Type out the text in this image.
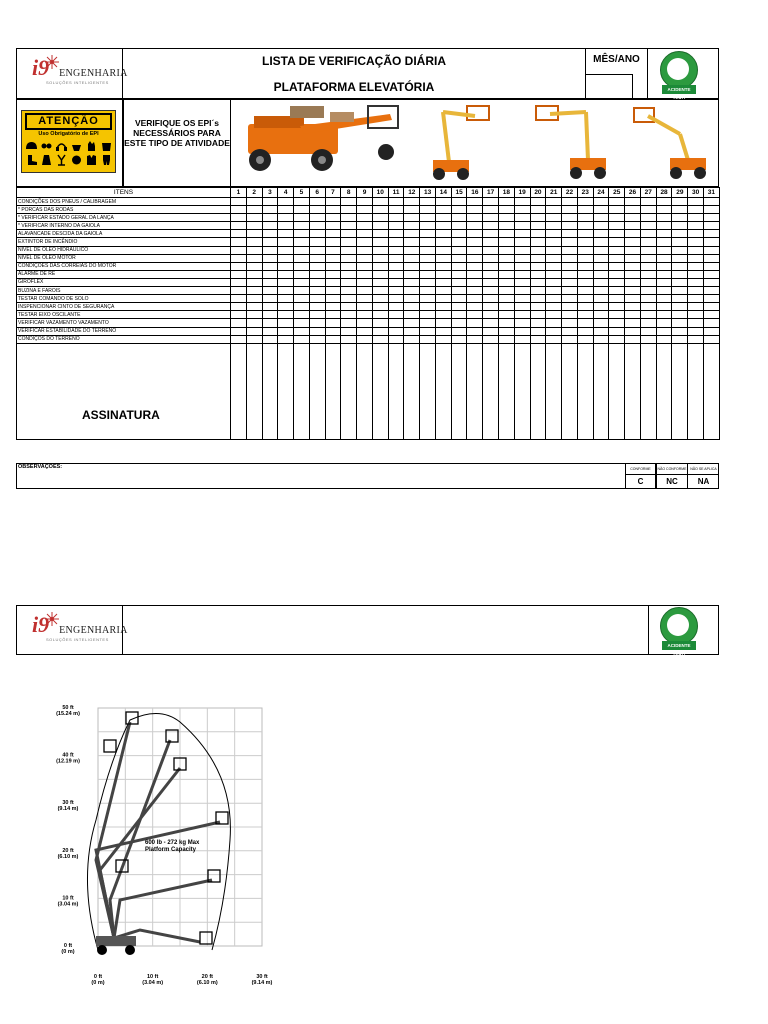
i9 ENGENHARIA
SOLUÇÕES INTELIGENTES
MÊS/ANO
LISTA DE VERIFICAÇÃO DIÁRIA
PLATAFORMA ELEVATÓRIA	ACIDENTE ZERO
ATENÇÃO
Uso Obrigatório de EPI
VERIFIQUE OS EPI´s NECESSÁRIOS PARA ESTE TIPO DE ATIVIDADE
ITENS	1	2	3	4	5	6	7	8	9	10	11	12	13	14	15	16	17	18	19	20	21	22	23	24	25	26	27	28	29	30	31
CONDIÇÕES DOS PNEUS / CALIBRAGEM																															
* PORCAS DAS RODAS																															
* VERIFICAR ESTADO GERAL DA LANÇA																															
* VERIFICAR INTERNO DA GAIOLA																															
ALAVANCADE DESCIDA DA GAIOLA																															
EXTINTOR DE INCÊNDIO																															
NÍVEL DE ÓLEO HIDRÁULICO																															
NÍVEL DE ÓLEO MOTOR																															
CONDIÇÕES DAS CORREIAS DO MOTOR																															
ALARME DE RÉ																															
GIROFLEX																															
BUZINA E FAROIS																															
TESTAR COMANDO DE SOLO																															
INSPENCIONAR CINTO DE SEGURANÇA																															
TESTAR EIXO OSCILANTE																															
VERIFICAR VAZAMENTO VAZAMENTO																															
VERIFICAR ESTABILIDADE DO TERRENO																															
CONDIÇÕS DO TERRENO																															

ASSINATURA
OBSERVAÇÕES:	CONFORME	NÃO CONFORME	NÃO SE APLICA
C	NC	NA
i9 ENGENHARIA
SOLUÇÕES INTELIGENTES
ACIDENTE ZERO
600 lb - 272 kg Max
Platform Capacity
50 ft
(15.24 m)
40 ft
(12.19 m)
30 ft
(9.14 m)
20 ft
(6.10 m)
10 ft
(3.04 m)
0 ft
(0 m)
0 ft
(0 m)
10 ft
(3.04 m)
20 ft
(6.10 m)
30 ft
(9.14 m)
